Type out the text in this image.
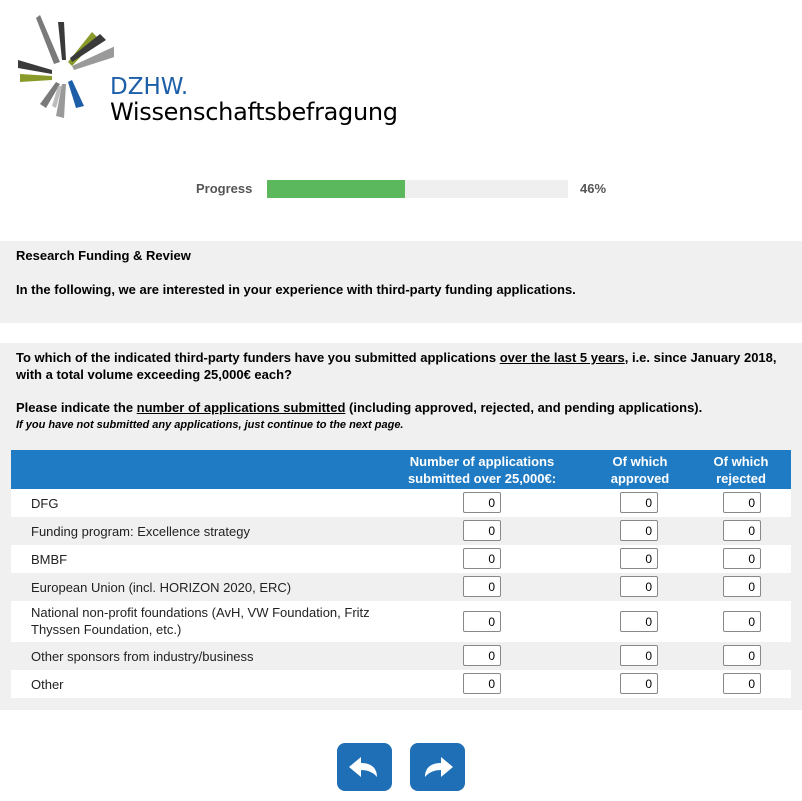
DZHW.
Wissenschaftsbefragung
Progress	46%
Research Funding & Review
In the following, we are interested in your experience with third-party funding applications.
To which of the indicated third-party funders have you submitted applications over the last 5 years, i.e. since January 2018, with a total volume exceeding 25,000€ each?
Please indicate the number of applications submitted (including approved, rejected, and pending applications).
If you have not submitted any applications, just continue to the next page.
Number of applications submitted over 25,000€:
Of which approved
Of which rejected
DFG
0
0
0
Funding program: Excellence strategy
0
0
0
BMBF
0
0
0
European Union (incl. HORIZON 2020, ERC)
0
0
0
National non-profit foundations (AvH, VW Foundation, Fritz Thyssen Foundation, etc.)
0
0
0
Other sponsors from industry/business
0
0
0
Other
0
0
0
